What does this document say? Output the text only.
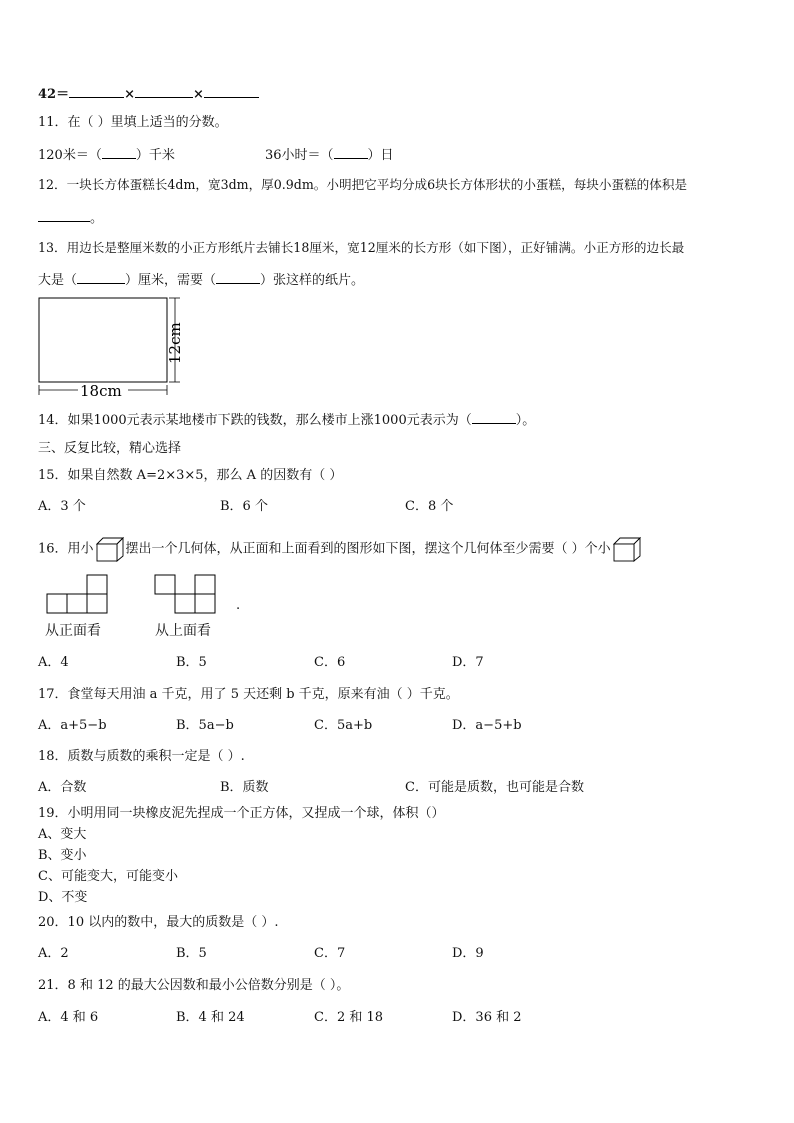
42＝	×	×
11．在（ ）里填上适当的分数。
120米＝（	）千米	36小时＝（	）日
12．一块长方体蛋糕长4dm，宽3dm，厚0.9dm。小明把它平均分成6块长方体形状的小蛋糕，每块小蛋糕的体积是
。
13．用边长是整厘米数的小正方形纸片去铺长18厘米，宽12厘米的长方形（如下图），正好铺满。小正方形的边长最
大是（	）厘米，需要（	）张这样的纸片。
12cm
18cm
14．如果1000元表示某地楼市下跌的钱数，那么楼市上涨1000元表示为（	）。
三、反复比较，精心选择
15．如果自然数 A=2×3×5，那么 A 的因数有（ ）
A．3 个	B．6 个	C．8 个
16．用小 摆出一个几何体，从正面和上面看到的图形如下图，摆这个几何体至少需要（ ）个小
.
从正面看	从上面看
A．4	B．5	C．6	D．7
17．食堂每天用油 a 千克，用了 5 天还剩 b 千克，原来有油（ ）千克。
A．a+5−b	B．5a−b	C．5a+b	D．a−5+b
18．质数与质数的乘积一定是（ ）.
A．合数	B．质数	C．可能是质数，也可能是合数
19．小明用同一块橡皮泥先捏成一个正方体，又捏成一个球，体积（）
A、变大
B、变小
C、可能变大，可能变小
D、不变
20．10 以内的数中，最大的质数是（ ）.
A．2	B．5	C．7	D．9
21．8 和 12 的最大公因数和最小公倍数分别是（ ）。
A．4 和 6	B．4 和 24	C．2 和 18	D．36 和 2
